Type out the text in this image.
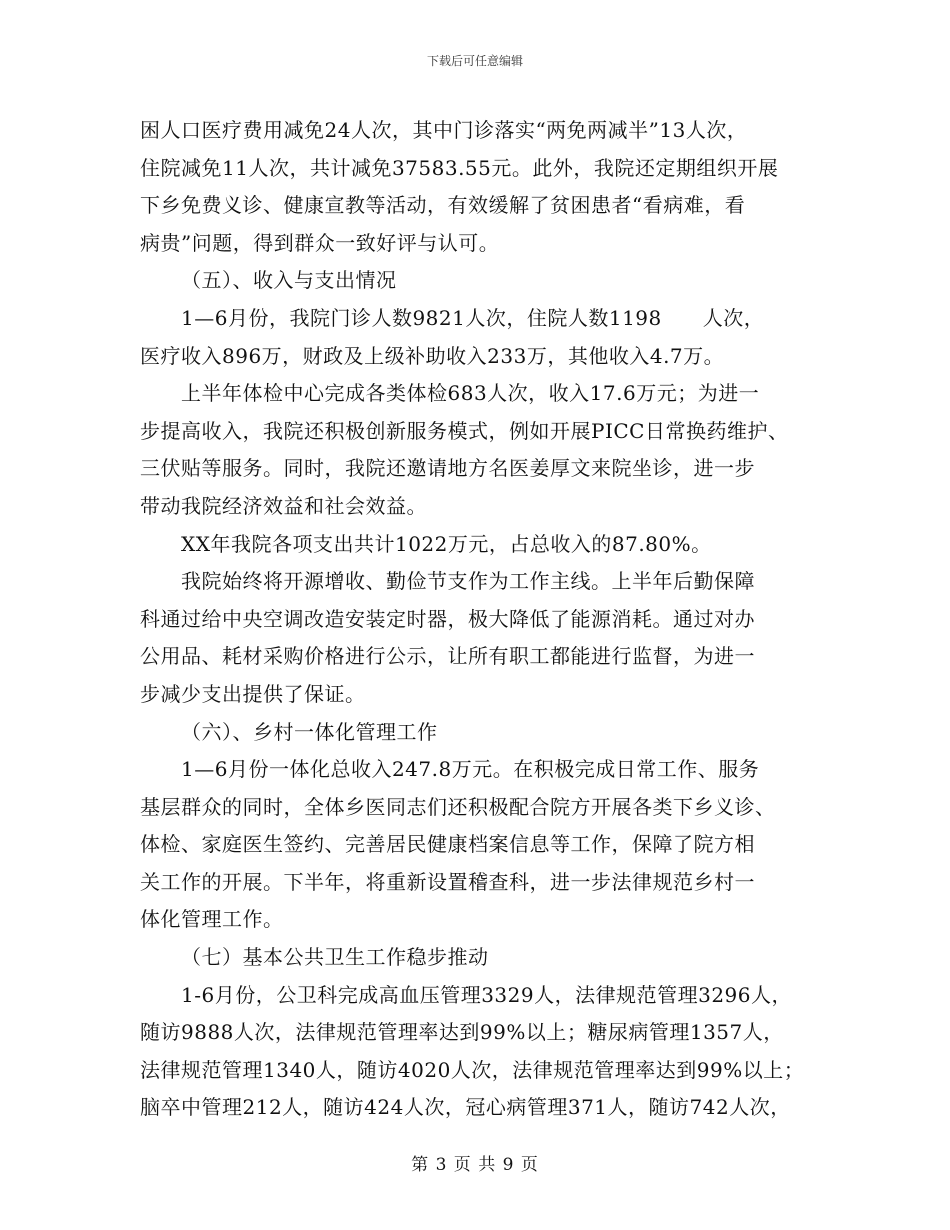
下载后可任意编辑
困人口医疗费用减免24人次，其中门诊落实“两免两减半”13人次，
住院减免11人次，共计减免37583.55元。此外，我院还定期组织开展
下乡免费义诊、健康宣教等活动，有效缓解了贫困患者“看病难，看
病贵”问题，得到群众一致好评与认可。
（五）、收入与支出情况
1—6月份，我院门诊人数9821人次，住院人数1198　　人次，
医疗收入896万，财政及上级补助收入233万，其他收入4.7万。
上半年体检中心完成各类体检683人次，收入17.6万元；为进一
步提高收入，我院还积极创新服务模式，例如开展PICC日常换药维护、
三伏贴等服务。同时，我院还邀请地方名医姜厚文来院坐诊，进一步
带动我院经济效益和社会效益。
XX年我院各项支出共计1022万元，占总收入的87.80%。
我院始终将开源增收、勤俭节支作为工作主线。上半年后勤保障
科通过给中央空调改造安装定时器，极大降低了能源消耗。通过对办
公用品、耗材采购价格进行公示，让所有职工都能进行监督，为进一
步减少支出提供了保证。
（六）、乡村一体化管理工作
1—6月份一体化总收入247.8万元。在积极完成日常工作、服务
基层群众的同时，全体乡医同志们还积极配合院方开展各类下乡义诊、
体检、家庭医生签约、完善居民健康档案信息等工作，保障了院方相
关工作的开展。下半年，将重新设置稽查科，进一步法律规范乡村一
体化管理工作。
（七）基本公共卫生工作稳步推动
1-6月份，公卫科完成高血压管理3329人，法律规范管理3296人，
随访9888人次，法律规范管理率达到99%以上；糖尿病管理1357人，
法律规范管理1340人，随访4020人次，法律规范管理率达到99%以上；
脑卒中管理212人，随访424人次，冠心病管理371人，随访742人次，
第 3 页 共 9 页
